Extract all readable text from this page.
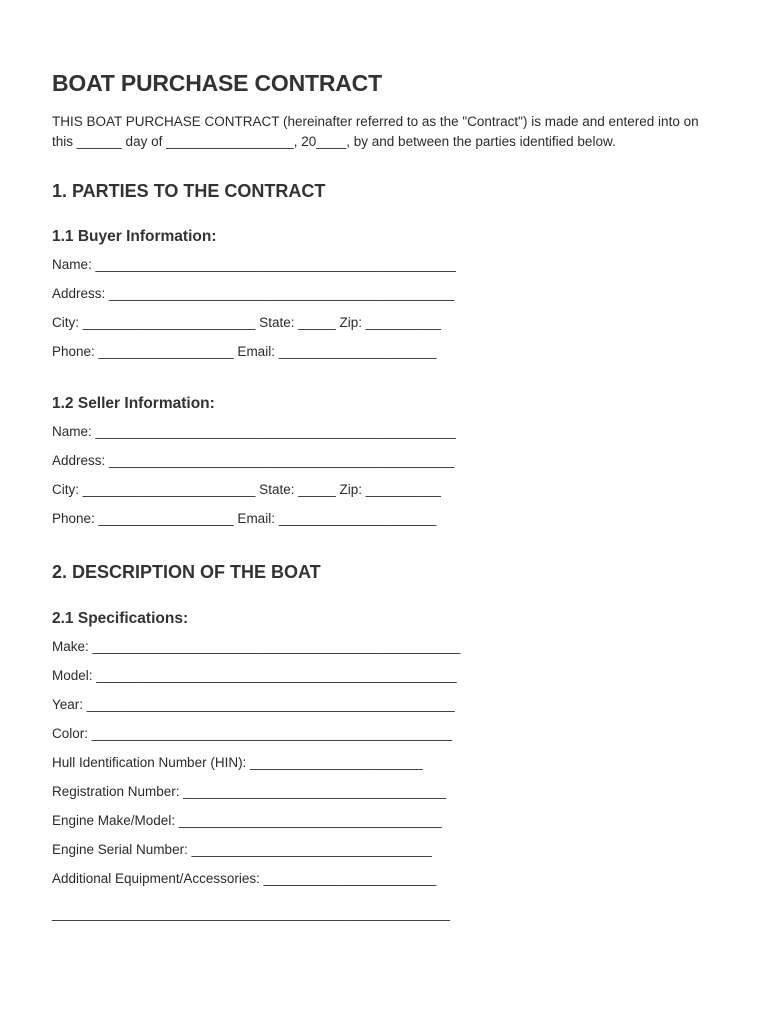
BOAT PURCHASE CONTRACT

THIS BOAT PURCHASE CONTRACT (hereinafter referred to as the "Contract") is made and entered into on this ______ day of _________________, 20____, by and between the parties identified below.

1. PARTIES TO THE CONTRACT
1.1 Buyer Information:
Name: ________________________________________________
Address: ______________________________________________
City: _______________________ State: _____ Zip: __________
Phone: __________________ Email: _____________________
1.2 Seller Information:
Name: ________________________________________________
Address: ______________________________________________
City: _______________________ State: _____ Zip: __________
Phone: __________________ Email: _____________________
2. DESCRIPTION OF THE BOAT
2.1 Specifications:
Make: _________________________________________________
Model: ________________________________________________
Year: _________________________________________________
Color: ________________________________________________
Hull Identification Number (HIN): _______________________
Registration Number: ___________________________________
Engine Make/Model: ___________________________________
Engine Serial Number: ________________________________
Additional Equipment/Accessories: _______________________
_____________________________________________________
